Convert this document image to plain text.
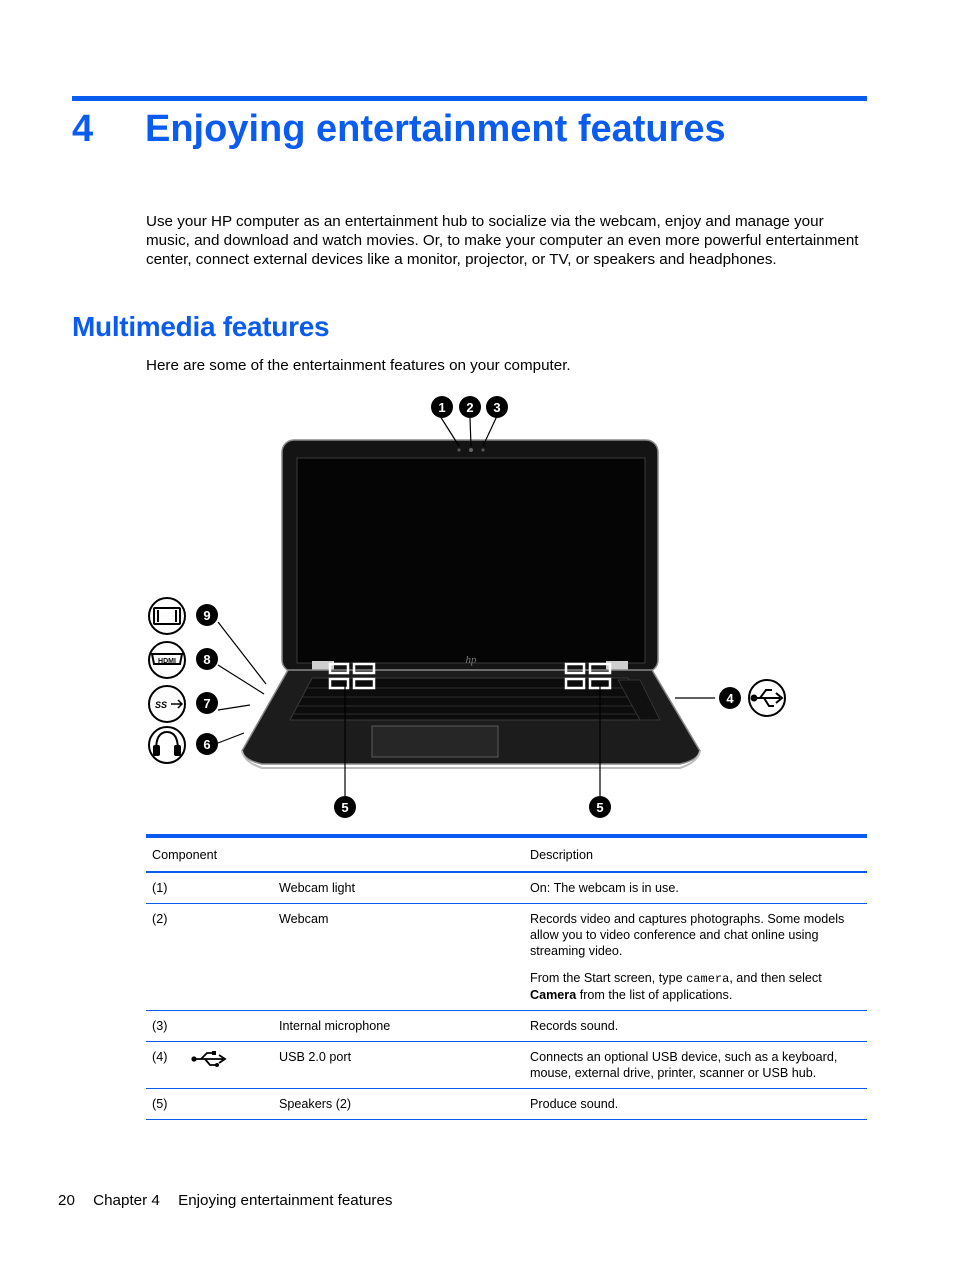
4 Enjoying entertainment features

Use your HP computer as an entertainment hub to socialize via the webcam, enjoy and manage your music, and download and watch movies. Or, to make your computer an even more powerful entertainment center, connect external devices like a monitor, projector, or TV, or speakers and headphones.

Multimedia features

Here are some of the entertainment features on your computer.

hp
1 2 3
4
5	5
6
7
8
9
HDMI
SS
Component		Description
(1)	Webcam light	On: The webcam is in use.
(2)	Webcam	Records video and captures photographs. Some models allow you to video conference and chat online using streaming video.
From the Start screen, type camera, and then select Camera from the list of applications.

(3)	Internal microphone	Records sound.
(4)	USB 2.0 port	Connects an optional USB device, such as a keyboard, mouse, external drive, printer, scanner or USB hub.
(5)	Speakers (2)	Produce sound.
20 Chapter 4 Enjoying entertainment features
